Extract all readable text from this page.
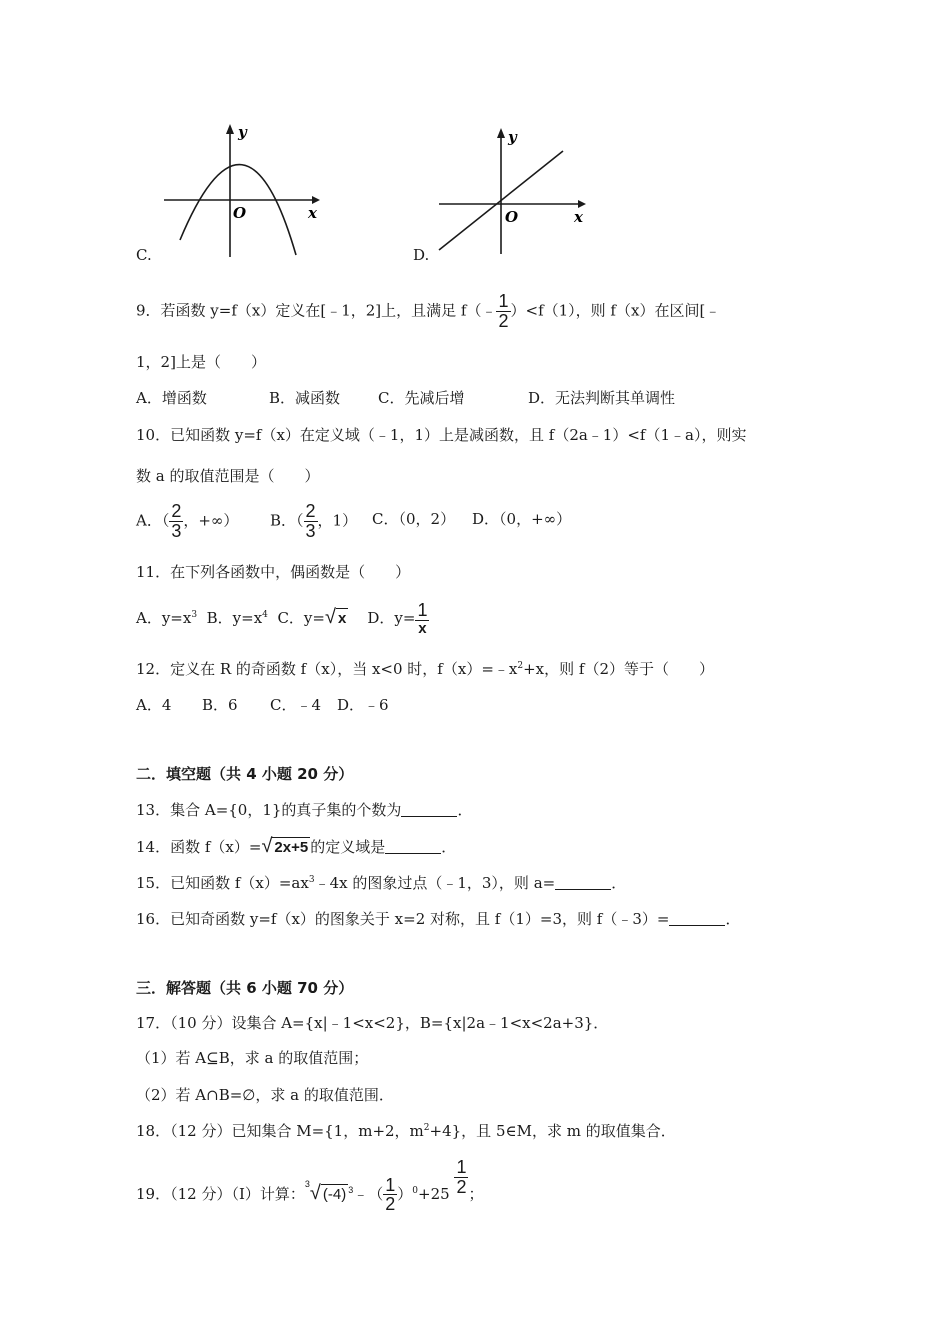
y
x
O
C.
y
x
O
D.
9．若函数 y=f（x）定义在[﹣1，2]上，且满足 f（﹣ $\frac{1}{2} )<f(1)$，则 f（x）在区间[﹣
1，2]上是（　　）
A．增函数	B．减函数	C．先减后增	D．无法判断其单调性
10．已知函数 y=f（x）在定义域（﹣1，1）上是减函数，且 f（2a﹣1）<f（1﹣a），则实
数 a 的取值范围是（　　）
A．（ $\frac{2}{3}$ ，+∞） B．（ $\frac{2}{3}$ ，1） C．（0，2） D．（0，+∞）
11．在下列各函数中，偶函数是（　　）
A．$y=x^3$ B．$y=x^4$ C．y=√ x D．$y= \frac{1}{x}$
12．定义在 R 的奇函数 f（x），当 x<0 时，$f(x)=﹣x^2+x$，则 f（2）等于（　　）
A．4 B．6 C．﹣4 D．﹣6
二．填空题（共 4 小题 20 分）
13．集合 A={0，1}的真子集的个数为	．
14．函数 f（x）=√ 2x+5 的定义域是	．
15．已知函数 $f(x)=ax^3﹣4x$ 的图象过点（﹣1，3），则 a=	．
16．已知奇函数 y=f（x）的图象关于 x=2 对称，且 f（1）=3，则 f（﹣3）=	．
三．解答题（共 6 小题 70 分）
17．（10 分）设集合 A={x|﹣1<x<2}，B={x|2a﹣1<x<2a+3}．
（1）若 A⊆B，求 a 的取值范围；
（2）若 A∩B=∅，求 a 的取值范围．
18．（12 分）已知集合 M={1，m+2，$m^2+4$}，且 5∈M，求 m 的取值集合．
19．（12 分）（Ⅰ）计算：$^3$√ (-4) $^3$﹣（ $\frac{1}{2} )^0+25 \frac{1}{2}$ ；
